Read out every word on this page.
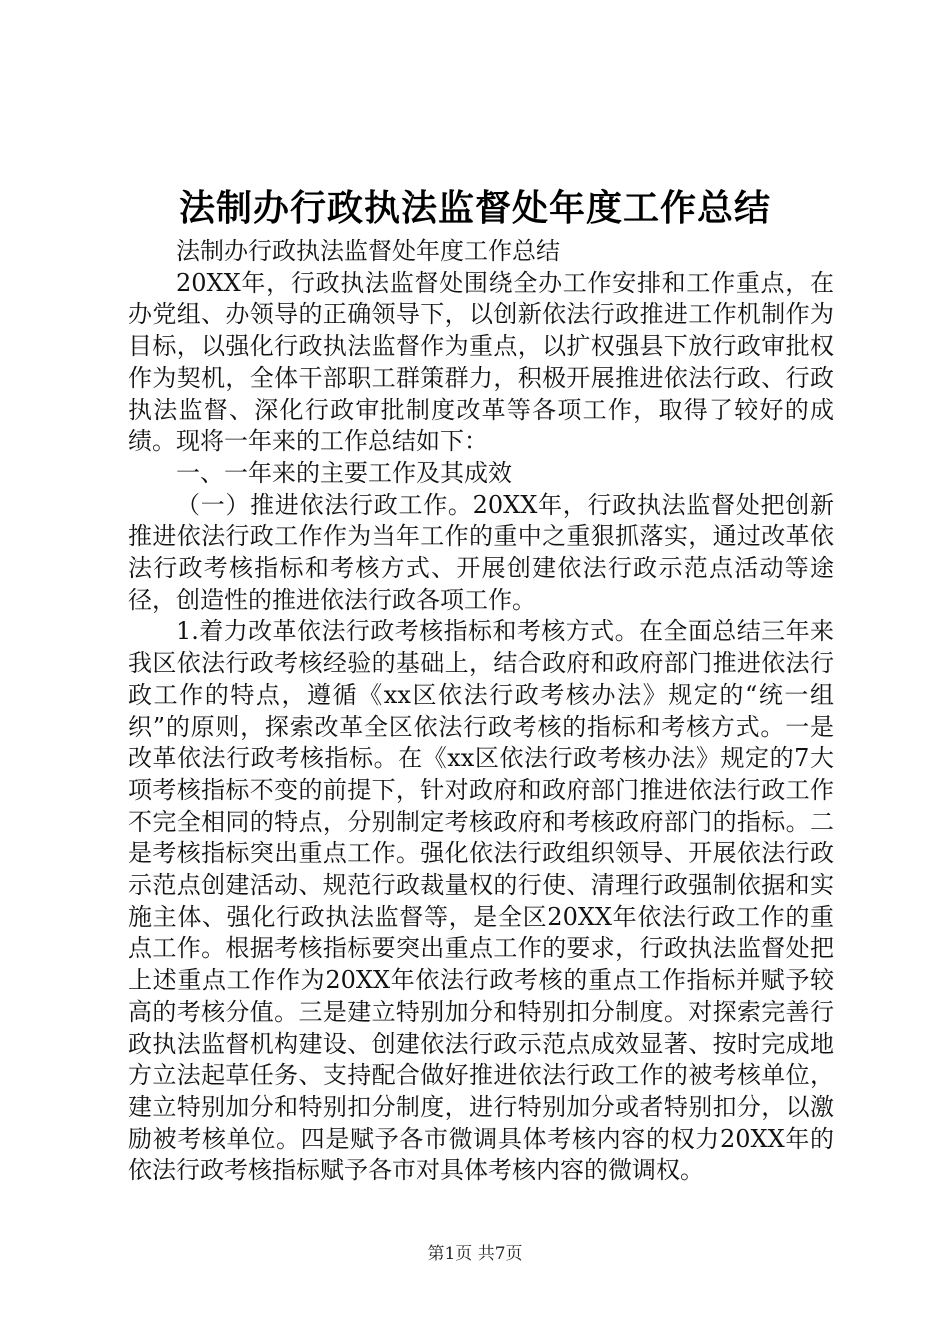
法制办行政执法监督处年度工作总结

法制办行政执法监督处年度工作总结

20XX年，行政执法监督处围绕全办工作安排和工作重点，在办党组、办领导的正确领导下，以创新依法行政推进工作机制作为目标，以强化行政执法监督作为重点，以扩权强县下放行政审批权作为契机，全体干部职工群策群力，积极开展推进依法行政、行政执法监督、深化行政审批制度改革等各项工作，取得了较好的成绩。现将一年来的工作总结如下：

一、一年来的主要工作及其成效

（一）推进依法行政工作。20XX年，行政执法监督处把创新推进依法行政工作作为当年工作的重中之重狠抓落实，通过改革依法行政考核指标和考核方式、开展创建依法行政示范点活动等途径，创造性的推进依法行政各项工作。

1.着力改革依法行政考核指标和考核方式。在全面总结三年来我区依法行政考核经验的基础上，结合政府和政府部门推进依法行政工作的特点，遵循《xx区依法行政考核办法》规定的“统一组织”的原则，探索改革全区依法行政考核的指标和考核方式。一是改革依法行政考核指标。在《xx区依法行政考核办法》规定的7大项考核指标不变的前提下，针对政府和政府部门推进依法行政工作不完全相同的特点，分别制定考核政府和考核政府部门的指标。二是考核指标突出重点工作。强化依法行政组织领导、开展依法行政示范点创建活动、规范行政裁量权的行使、清理行政强制依据和实施主体、强化行政执法监督等，是全区20XX年依法行政工作的重点工作。根据考核指标要突出重点工作的要求，行政执法监督处把上述重点工作作为20XX年依法行政考核的重点工作指标并赋予较高的考核分值。三是建立特别加分和特别扣分制度。对探索完善行政执法监督机构建设、创建依法行政示范点成效显著、按时完成地方立法起草任务、支持配合做好推进依法行政工作的被考核单位，建立特别加分和特别扣分制度，进行特别加分或者特别扣分，以激励被考核单位。四是赋予各市微调具体考核内容的权力20XX年的依法行政考核指标赋予各市对具体考核内容的微调权。

第1页 共7页
